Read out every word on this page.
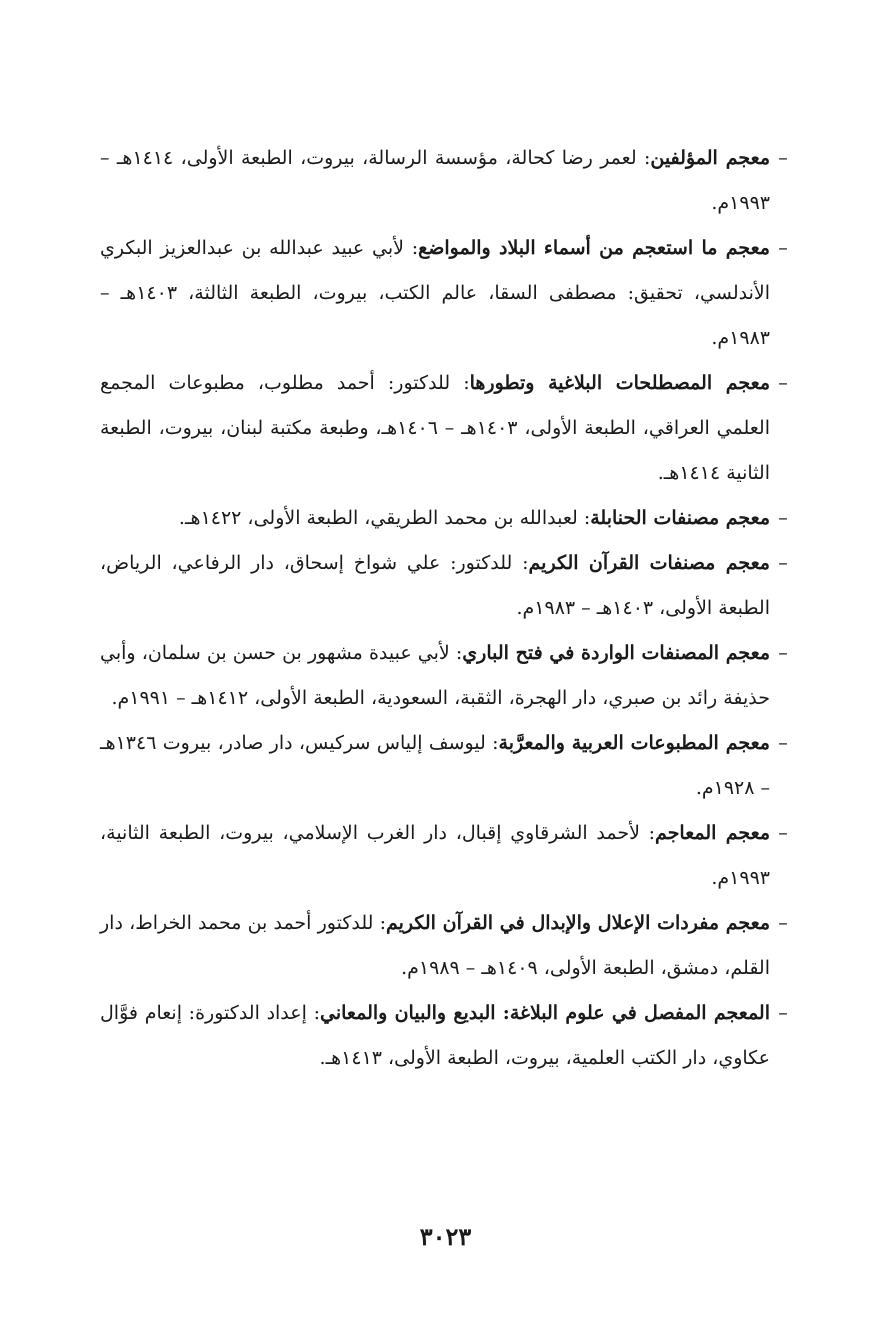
–
معجم المؤلفين: لعمر رضا كحالة، مؤسسة الرسالة، بيروت، الطبعة الأولى، ١٤١٤هـ – ١٩٩٣م.
–
معجم ما استعجم من أسماء البلاد والمواضع: لأبي عبيد عبدالله بن عبدالعزيز البكري الأندلسي، تحقيق: مصطفى السقا، عالم الكتب، بيروت، الطبعة الثالثة، ١٤٠٣هـ – ١٩٨٣م.
–
معجم المصطلحات البلاغية وتطورها: للدكتور: أحمد مطلوب، مطبوعات المجمع العلمي العراقي، الطبعة الأولى، ١٤٠٣هـ – ١٤٠٦هـ، وطبعة مكتبة لبنان، بيروت، الطبعة الثانية ١٤١٤هـ.
–
معجم مصنفات الحنابلة: لعبدالله بن محمد الطريقي، الطبعة الأولى، ١٤٢٢هـ.
–
معجم مصنفات القرآن الكريم: للدكتور: علي شواخ إسحاق، دار الرفاعي، الرياض، الطبعة الأولى، ١٤٠٣هـ – ١٩٨٣م.
–
معجم المصنفات الواردة في فتح الباري: لأبي عبيدة مشهور بن حسن بن سلمان، وأبي حذيفة رائد بن صبري، دار الهجرة، الثقبة، السعودية، الطبعة الأولى، ١٤١٢هـ – ١٩٩١م.
–
معجم المطبوعات العربية والمعرَّبة: ليوسف إلياس سركيس، دار صادر، بيروت ١٣٤٦هـ – ١٩٢٨م.
–
معجم المعاجم: لأحمد الشرقاوي إقبال، دار الغرب الإسلامي، بيروت، الطبعة الثانية، ١٩٩٣م.
–
معجم مفردات الإعلال والإبدال في القرآن الكريم: للدكتور أحمد بن محمد الخراط، دار القلم، دمشق، الطبعة الأولى، ١٤٠٩هـ – ١٩٨٩م.
–
المعجم المفصل في علوم البلاغة: البديع والبيان والمعاني: إعداد الدكتورة: إنعام فوَّال عكاوي، دار الكتب العلمية، بيروت، الطبعة الأولى، ١٤١٣هـ.
٣٠٢٣
